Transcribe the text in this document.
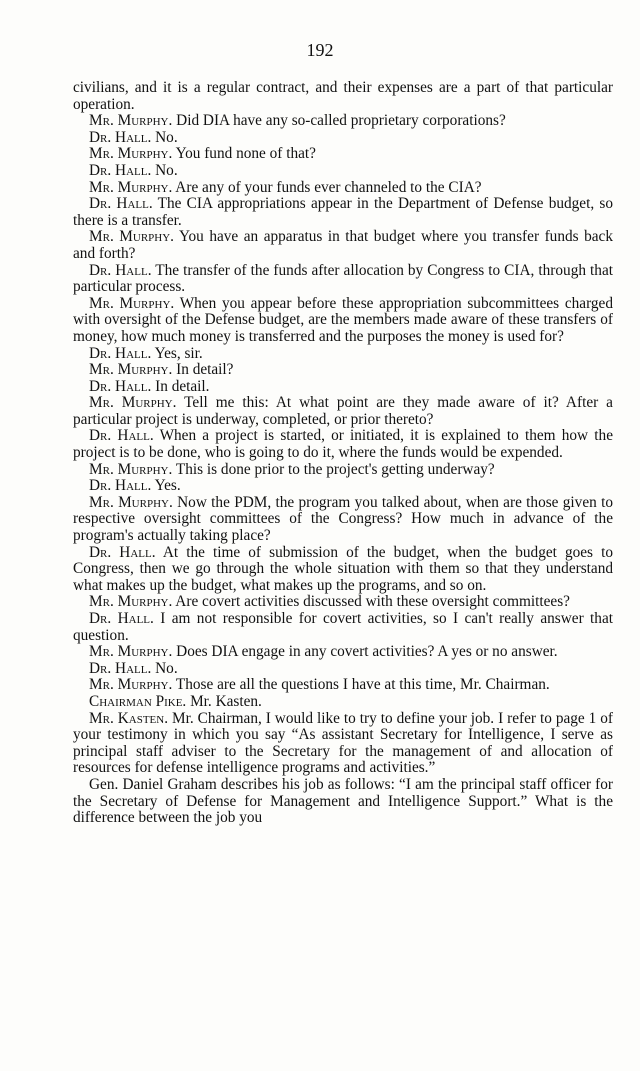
192

civilians, and it is a regular contract, and their expenses are a part of that particular operation.

Mr. Murphy. Did DIA have any so-called proprietary corporations?

Dr. Hall. No.

Mr. Murphy. You fund none of that?

Dr. Hall. No.

Mr. Murphy. Are any of your funds ever channeled to the CIA?

Dr. Hall. The CIA appropriations appear in the Department of Defense budget, so there is a transfer.

Mr. Murphy. You have an apparatus in that budget where you transfer funds back and forth?

Dr. Hall. The transfer of the funds after allocation by Congress to CIA, through that particular process.

Mr. Murphy. When you appear before these appropriation subcommittees charged with oversight of the Defense budget, are the members made aware of these transfers of money, how much money is transferred and the purposes the money is used for?

Dr. Hall. Yes, sir.

Mr. Murphy. In detail?

Dr. Hall. In detail.

Mr. Murphy. Tell me this: At what point are they made aware of it? After a particular project is underway, completed, or prior thereto?

Dr. Hall. When a project is started, or initiated, it is explained to them how the project is to be done, who is going to do it, where the funds would be expended.

Mr. Murphy. This is done prior to the project's getting underway?

Dr. Hall. Yes.

Mr. Murphy. Now the PDM, the program you talked about, when are those given to respective oversight committees of the Congress? How much in advance of the program's actually taking place?

Dr. Hall. At the time of submission of the budget, when the budget goes to Congress, then we go through the whole situation with them so that they understand what makes up the budget, what makes up the programs, and so on.

Mr. Murphy. Are covert activities discussed with these oversight committees?

Dr. Hall. I am not responsible for covert activities, so I can't really answer that question.

Mr. Murphy. Does DIA engage in any covert activities? A yes or no answer.

Dr. Hall. No.

Mr. Murphy. Those are all the questions I have at this time, Mr. Chairman.

Chairman Pike. Mr. Kasten.

Mr. Kasten. Mr. Chairman, I would like to try to define your job. I refer to page 1 of your testimony in which you say “As assistant Secretary for Intelligence, I serve as principal staff adviser to the Secretary for the management of and allocation of resources for defense intelligence programs and activities.”

Gen. Daniel Graham describes his job as follows: “I am the principal staff officer for the Secretary of Defense for Management and Intelligence Support.” What is the difference between the job you
